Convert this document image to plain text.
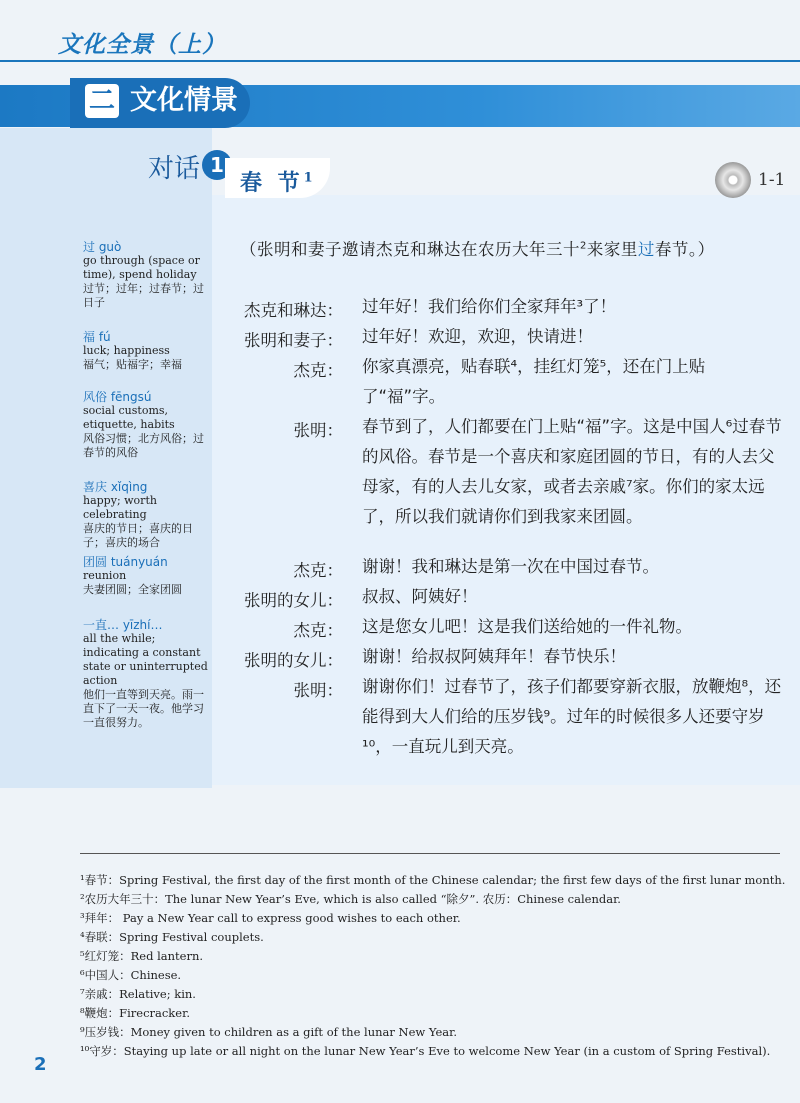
文化全景（上）
二 文化情景
对话 1
春 节$^1$	1-1
过 guò
go through (space or time), spend holiday
过节；过年；过春节；过日子
福 fú
luck; happiness
福气；贴福字；幸福
风俗 fēngsú
social customs, etiquette, habits
风俗习惯；北方风俗；过春节的风俗
喜庆 xǐqìng
happy; worth celebrating
喜庆的节日；喜庆的日子；喜庆的场合
团圆 tuányuán
reunion
夫妻团圆；全家团圆
一直… yīzhí…
all the while; indicating a constant state or uninterrupted action
他们一直等到天亮。雨一直下了一天一夜。他学习一直很努力。
（张明和妻子邀请杰克和琳达在农历大年三十$^2$来家里过春节。）
杰克和琳达： 过年好！我们给你们全家拜年³了！
张明和妻子： 过年好！欢迎，欢迎，快请进！
杰克： 你家真漂亮，贴春联⁴，挂红灯笼⁵，还在门上贴了“福”字。
张明： 春节到了，人们都要在门上贴“福”字。这是中国人⁶过春节的风俗。春节是一个喜庆和家庭团圆的节日，有的人去父母家，有的人去儿女家，或者去亲戚⁷家。你们的家太远了，所以我们就请你们到我家来团圆。
杰克： 谢谢！我和琳达是第一次在中国过春节。
张明的女儿： 叔叔、阿姨好！
杰克： 这是您女儿吧！这是我们送给她的一件礼物。
张明的女儿： 谢谢！给叔叔阿姨拜年！春节快乐！
张明： 谢谢你们！过春节了，孩子们都要穿新衣服，放鞭炮⁸，还能得到大人们给的压岁钱⁹。过年的时候很多人还要守岁¹⁰，一直玩儿到天亮。
¹春节：Spring Festival, the first day of the first month of the Chinese calendar; the first few days of the first lunar month.
²农历大年三十：The lunar New Year’s Eve, which is also called “除夕”. 农历：Chinese calendar.
³拜年： Pay a New Year call to express good wishes to each other.
⁴春联：Spring Festival couplets.
⁵红灯笼：Red lantern.
⁶中国人：Chinese.
⁷亲戚：Relative; kin.
⁸鞭炮：Firecracker.
⁹压岁钱：Money given to children as a gift of the lunar New Year.
¹⁰守岁：Staying up late or all night on the lunar New Year’s Eve to welcome New Year (in a custom of Spring Festival).
2
